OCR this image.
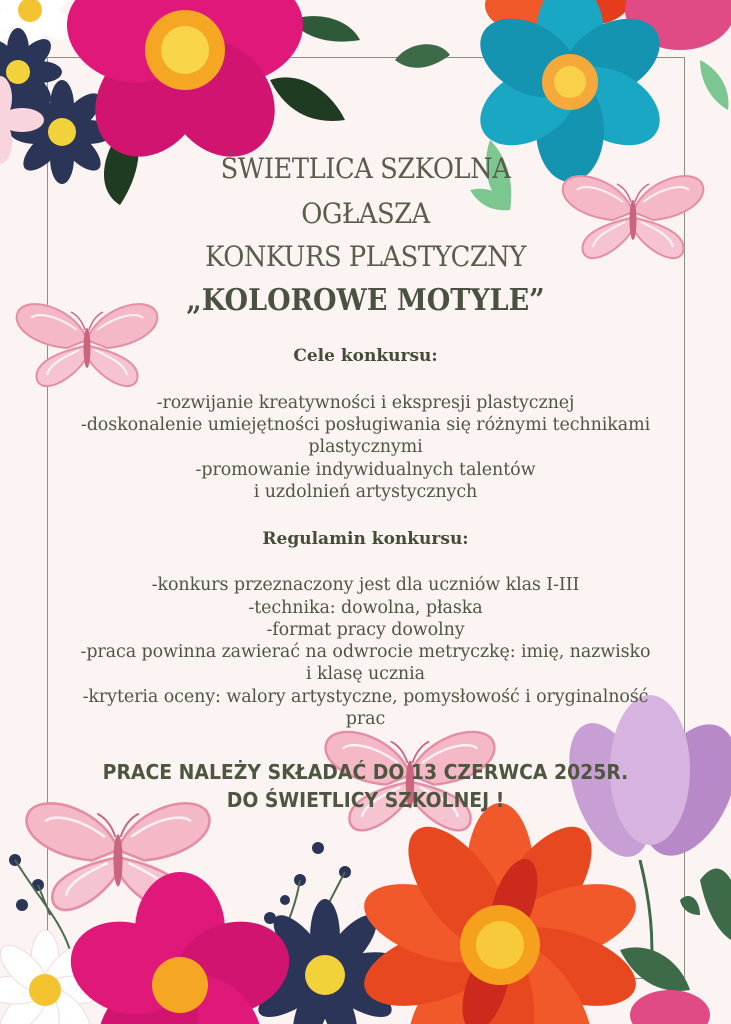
ŚWIETLICA SZKOLNA
OGŁASZA
KONKURS PLASTYCZNY
„KOLOROWE MOTYLE”
Cele konkursu:
-rozwijanie kreatywności i ekspresji plastycznej
-doskonalenie umiejętności posługiwania się różnymi technikami
plastycznymi
-promowanie indywidualnych talentów
i uzdolnień artystycznych
Regulamin konkursu:
-konkurs przeznaczony jest dla uczniów klas I-III
-technika: dowolna, płaska
-format pracy dowolny
-praca powinna zawierać na odwrocie metryczkę: imię, nazwisko
i klasę ucznia
-kryteria oceny: walory artystyczne, pomysłowość i oryginalność
prac
PRACE NALEŻY SKŁADAĆ DO 13 CZERWCA 2025R.
DO ŚWIETLICY SZKOLNEJ !
